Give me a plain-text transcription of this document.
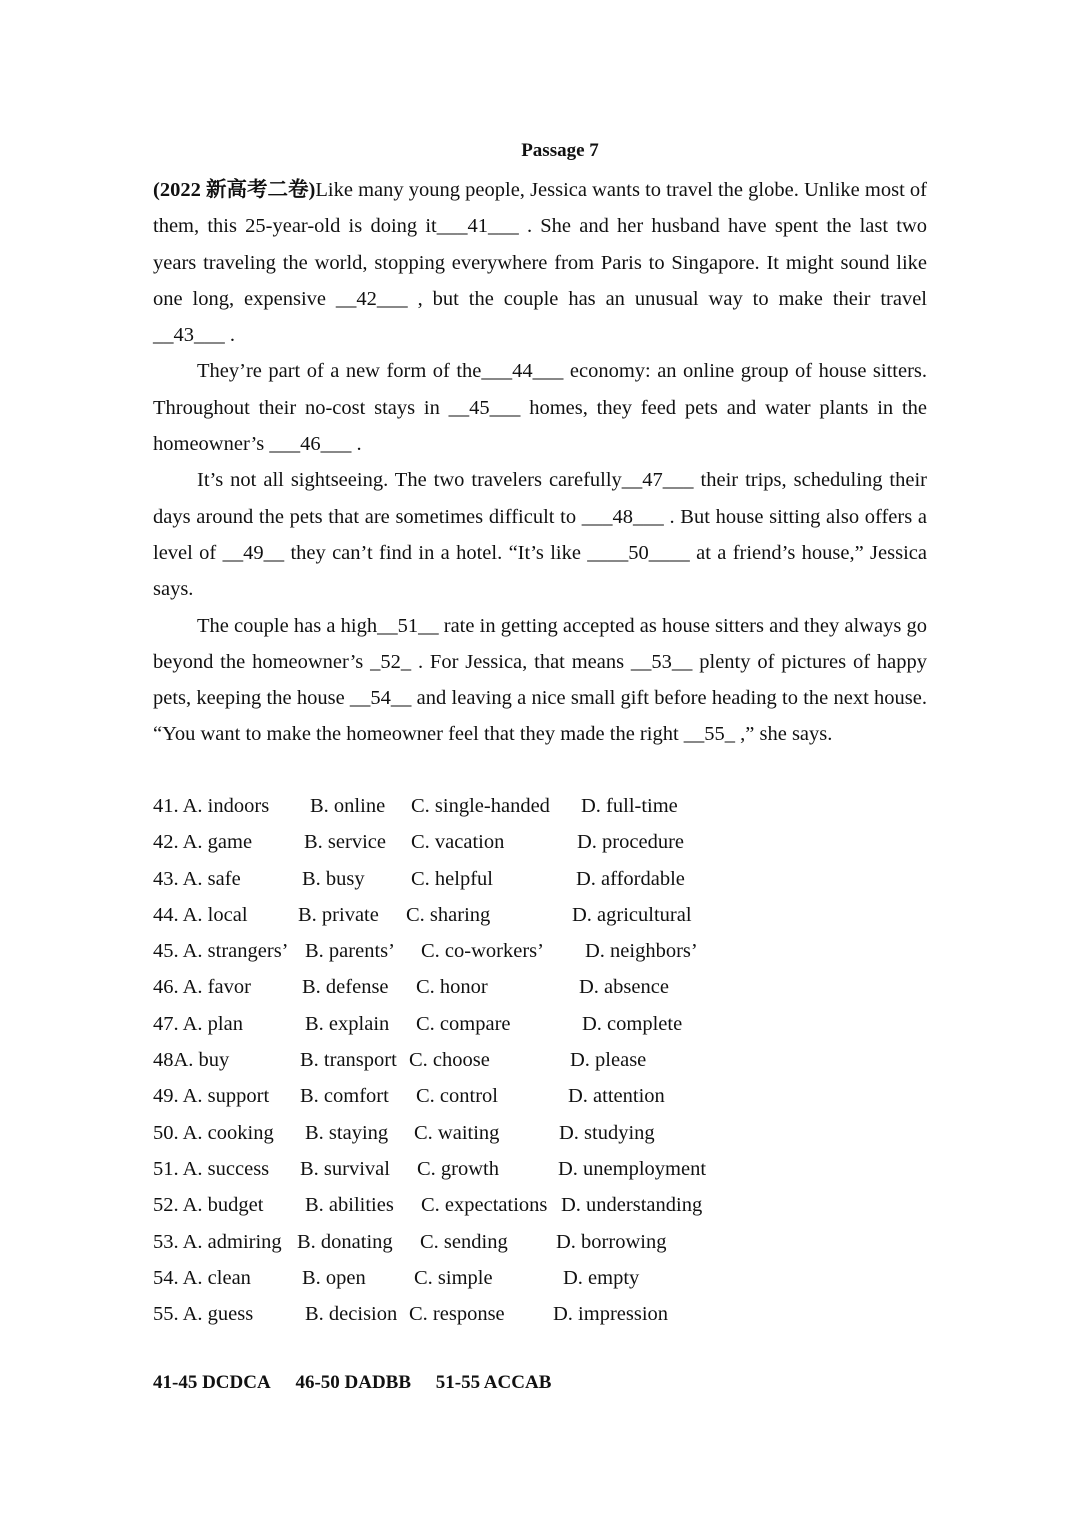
Passage 7

(2022 新高考二卷)Like many young people, Jessica wants to travel the globe. Unlike most of them, this 25-year-old is doing it___41___ . She and her husband have spent the last two years traveling the world, stopping everywhere from Paris to Singapore. It might sound like one long, expensive __42___ , but the couple has an unusual way to make their travel __43___ .

They’re part of a new form of the___44___ economy: an online group of house sitters. Throughout their no-cost stays in __45___ homes, they feed pets and water plants in the homeowner’s ___46___ .

It’s not all sightseeing. The two travelers carefully__47___ their trips, scheduling their days around the pets that are sometimes difficult to ___48___ . But house sitting also offers a level of __49__ they can’t find in a hotel. “It’s like ____50____ at a friend’s house,” Jessica says.

The couple has a high__51__ rate in getting accepted as house sitters and they always go beyond the homeowner’s _52_ . For Jessica, that means __53__ plenty of pictures of happy pets, keeping the house __54__ and leaving a nice small gift before heading to the next house. “You want to make the homeowner feel that they made the right __55_ ,” she says.

41. A. indoors B. online C. single-handed D. full-time
42. A. game	B. service C. vacation	D. procedure
43. A. safe	B. busy C. helpful	D. affordable
44. A. local B. private C. sharing	D. agricultural
45. A. strangers’ B. parents’ C. co-workers’ D. neighbors’
46. A. favor B. defense C. honor	D. absence
47. A. plan	B. explain C. compare	D. complete
48A. buy	B. transport C. choose	D. please
49. A. support B. comfort C. control	D. attention
50. A. cooking B. staying C. waiting	D. studying
51. A. success B. survival C. growth	D. unemployment
52. A. budget B. abilities C. expectations D. understanding
53. A. admiring B. donating C. sending D. borrowing
54. A. clean B. open C. simple	D. empty
55. A. guess	B. decision C. response D. impression
41-45 DCDCA 46-50 DADBB 51-55 ACCAB
